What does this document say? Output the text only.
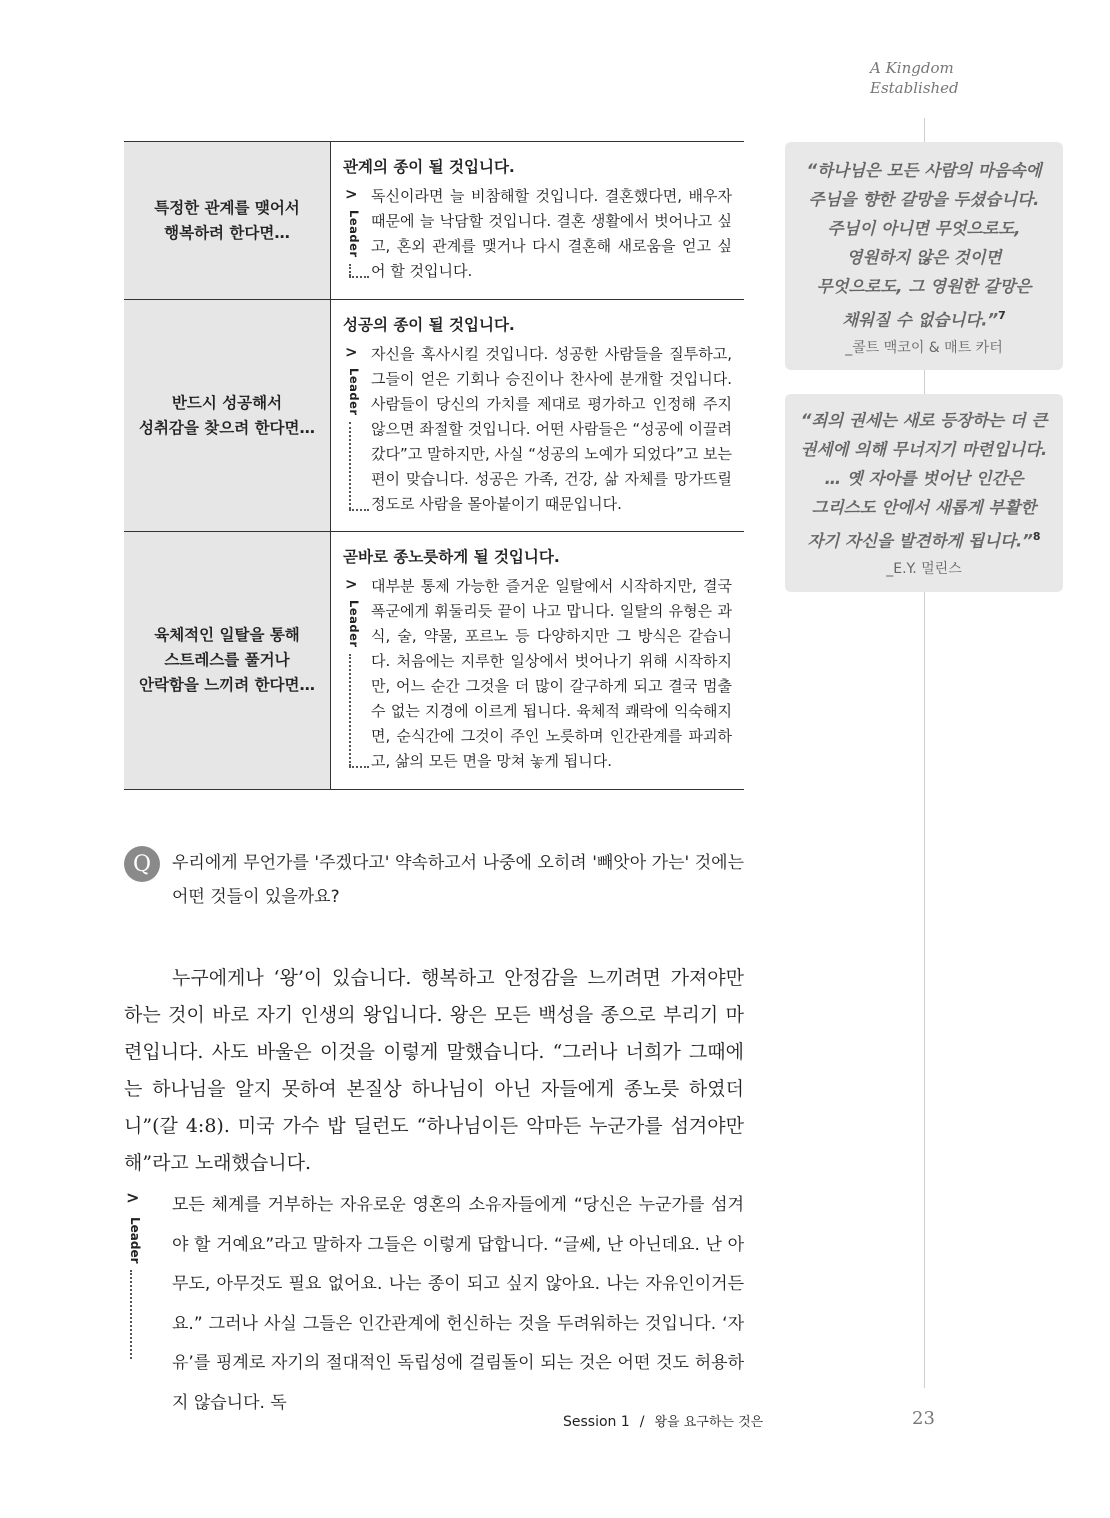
A Kingdom
Established
특정한 관계를 맺어서
행복하려 한다면…
관계의 종이 될 것입니다.
>
Leader
독신이라면 늘 비참해할 것입니다. 결혼했다면, 배우자 때문에 늘 낙담할 것입니다. 결혼 생활에서 벗어나고 싶고, 혼외 관계를 맺거나 다시 결혼해 새로움을 얻고 싶어 할 것입니다.
반드시 성공해서
성취감을 찾으려 한다면…
성공의 종이 될 것입니다.
>
Leader
자신을 혹사시킬 것입니다. 성공한 사람들을 질투하고, 그들이 얻은 기회나 승진이나 찬사에 분개할 것입니다. 사람들이 당신의 가치를 제대로 평가하고 인정해 주지 않으면 좌절할 것입니다. 어떤 사람들은 “성공에 이끌려갔다”고 말하지만, 사실 “성공의 노예가 되었다”고 보는 편이 맞습니다. 성공은 가족, 건강, 삶 자체를 망가뜨릴 정도로 사람을 몰아붙이기 때문입니다.
육체적인 일탈을 통해
스트레스를 풀거나
안락함을 느끼려 한다면…
곧바로 종노릇하게 될 것입니다.
>
Leader
대부분 통제 가능한 즐거운 일탈에서 시작하지만, 결국 폭군에게 휘둘리듯 끝이 나고 맙니다. 일탈의 유형은 과식, 술, 약물, 포르노 등 다양하지만 그 방식은 같습니다. 처음에는 지루한 일상에서 벗어나기 위해 시작하지만, 어느 순간 그것을 더 많이 갈구하게 되고 결국 멈출 수 없는 지경에 이르게 됩니다. 육체적 쾌락에 익숙해지면, 순식간에 그것이 주인 노릇하며 인간관계를 파괴하고, 삶의 모든 면을 망쳐 놓게 됩니다.
Q	우리에게 무언가를 '주겠다고' 약속하고서 나중에 오히려 '빼앗아 가는' 것에는 어떤 것들이 있을까요?
누구에게나 ‘왕’이 있습니다. 행복하고 안정감을 느끼려면 가져야만 하는 것이 바로 자기 인생의 왕입니다. 왕은 모든 백성을 종으로 부리기 마련입니다. 사도 바울은 이것을 이렇게 말했습니다. “그러나 너희가 그때에는 하나님을 알지 못하여 본질상 하나님이 아닌 자들에게 종노릇 하였더니”(갈 4:8). 미국 가수 밥 딜런도 “하나님이든 악마든 누군가를 섬겨야만 해”라고 노래했습니다.
>
Leader
모든 체계를 거부하는 자유로운 영혼의 소유자들에게 “당신은 누군가를 섬겨야 할 거예요”라고 말하자 그들은 이렇게 답합니다. “글쎄, 난 아닌데요. 난 아무도, 아무것도 필요 없어요. 나는 종이 되고 싶지 않아요. 나는 자유인이거든요.” 그러나 사실 그들은 인간관계에 헌신하는 것을 두려워하는 것입니다. ‘자유’를 핑계로 자기의 절대적인 독립성에 걸림돌이 되는 것은 어떤 것도 허용하지 않습니다. 독

“하나님은 모든 사람의 마음속에
주님을 향한 갈망을 두셨습니다.
주님이 아니면 무엇으로도,
영원하지 않은 것이면
무엇으로도, 그 영원한 갈망은
채워질 수 없습니다.”$^7$

_콜트 맥코이 & 매트 카터

“죄의 권세는 새로 등장하는 더 큰
권세에 의해 무너지기 마련입니다.
… 옛 자아를 벗어난 인간은
그리스도 안에서 새롭게 부활한
자기 자신을 발견하게 됩니다.”$^8$

_E.Y. 멀린스
Session 1 / 왕을 요구하는 것은	23
